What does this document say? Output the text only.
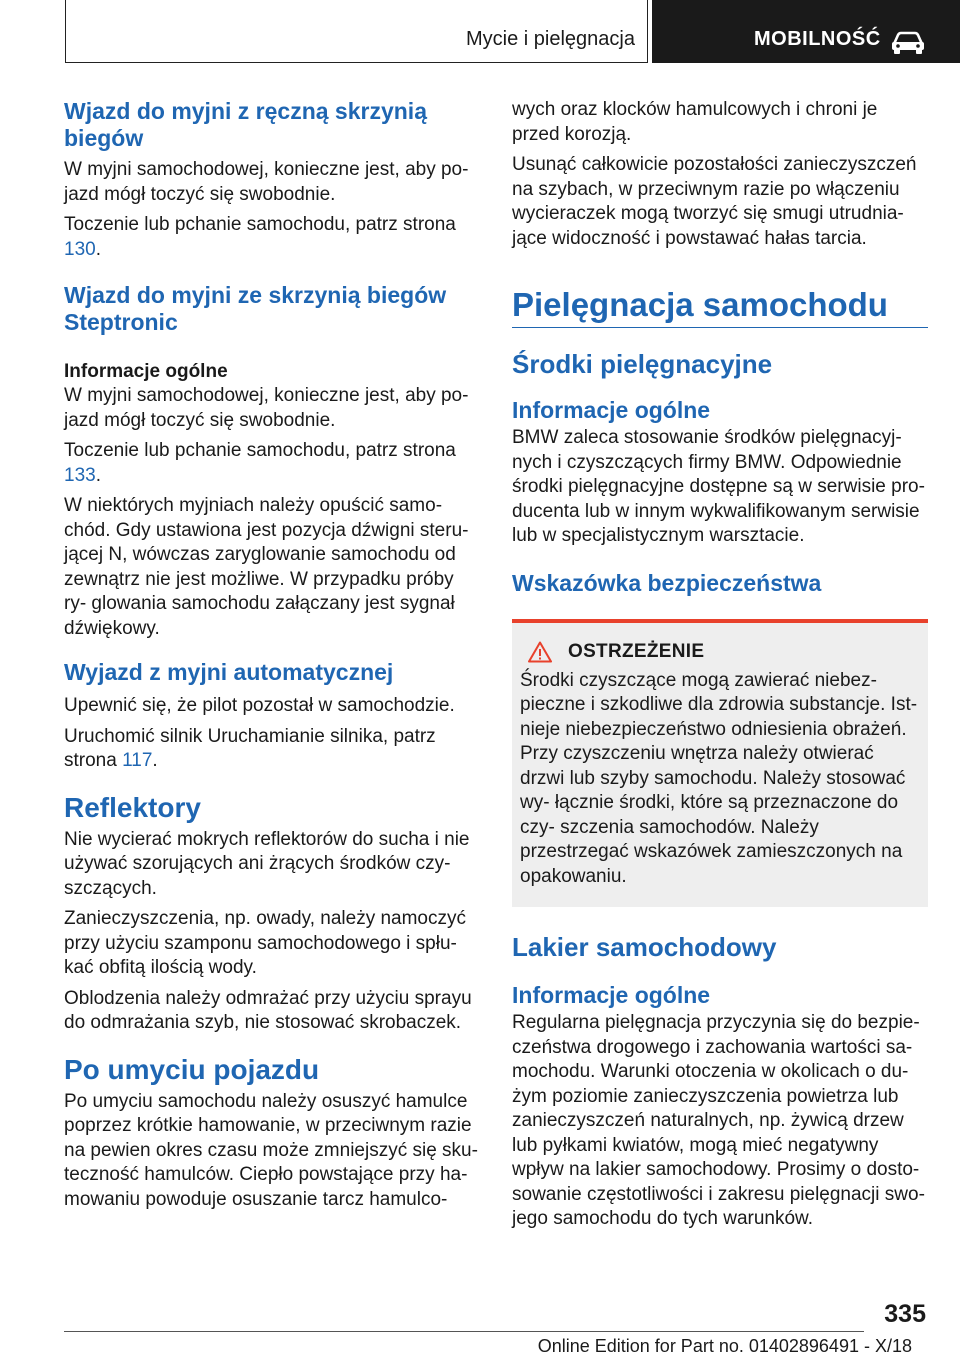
Mycie i pielęgnacja	MOBILNOŚĆ
Wjazd do myjni z ręczną skrzynią biegów

W myjni samochodowej, konieczne jest, aby po- jazd mógł toczyć się swobodnie.

Toczenie lub pchanie samochodu, patrz strona 130.

Wjazd do myjni ze skrzynią biegów Steptronic
Informacje ogólne

W myjni samochodowej, konieczne jest, aby po- jazd mógł toczyć się swobodnie.

Toczenie lub pchanie samochodu, patrz strona 133.

W niektórych myjniach należy opuścić samo- chód. Gdy ustawiona jest pozycja dźwigni steru- jącej N, wówczas zaryglowanie samochodu od zewnątrz nie jest możliwe. W przypadku próby ry- glowania samochodu załączany jest sygnał dźwiękowy.

Wyjazd z myjni automatycznej

Upewnić się, że pilot pozostał w samochodzie.

Uruchomić silnik Uruchamianie silnika, patrz strona 117.

Reflektory

Nie wycierać mokrych reflektorów do sucha i nie używać szorujących ani żrących środków czy- szczących.

Zanieczyszczenia, np. owady, należy namoczyć przy użyciu szamponu samochodowego i spłu- kać obfitą ilością wody.

Oblodzenia należy odmrażać przy użyciu sprayu do odmrażania szyb, nie stosować skrobaczek.

Po umyciu pojazdu

Po umyciu samochodu należy osuszyć hamulce poprzez krótkie hamowanie, w przeciwnym razie na pewien okres czasu może zmniejszyć się sku- teczność hamulców. Ciepło powstające przy ha- mowaniu powoduje osuszanie tarcz hamulco-

wych oraz klocków hamulcowych i chroni je przed korozją.

Usunąć całkowicie pozostałości zanieczyszczeń na szybach, w przeciwnym razie po włączeniu wycieraczek mogą tworzyć się smugi utrudnia- jące widoczność i powstawać hałas tarcia.

Pielęgnacja samochodu
Środki pielęgnacyjne
Informacje ogólne

BMW zaleca stosowanie środków pielęgnacyj- nych i czyszczących firmy BMW. Odpowiednie środki pielęgnacyjne dostępne są w serwisie pro- ducenta lub w innym wykwalifikowanym serwisie lub w specjalistycznym warsztacie.

Wskazówka bezpieczeństwa
OSTRZEŻENIE

Środki czyszczące mogą zawierać niebez- pieczne i szkodliwe dla zdrowia substancje. Ist- nieje niebezpieczeństwo odniesienia obrażeń. Przy czyszczeniu wnętrza należy otwierać drzwi lub szyby samochodu. Należy stosować wy- łącznie środki, które są przeznaczone do czy- szczenia samochodów. Należy przestrzegać wskazówek zamieszczonych na opakowaniu.

Lakier samochodowy
Informacje ogólne

Regularna pielęgnacja przyczynia się do bezpie- czeństwa drogowego i zachowania wartości sa- mochodu. Warunki otoczenia w okolicach o du- żym poziomie zanieczyszczenia powietrza lub zanieczyszczeń naturalnych, np. żywicą drzew lub pyłkami kwiatów, mogą mieć negatywny wpływ na lakier samochodowy. Prosimy o dosto- sowanie częstotliwości i zakresu pielęgnacji swo- jego samochodu do tych warunków.

335
Online Edition for Part no. 01402896491 - X/18
